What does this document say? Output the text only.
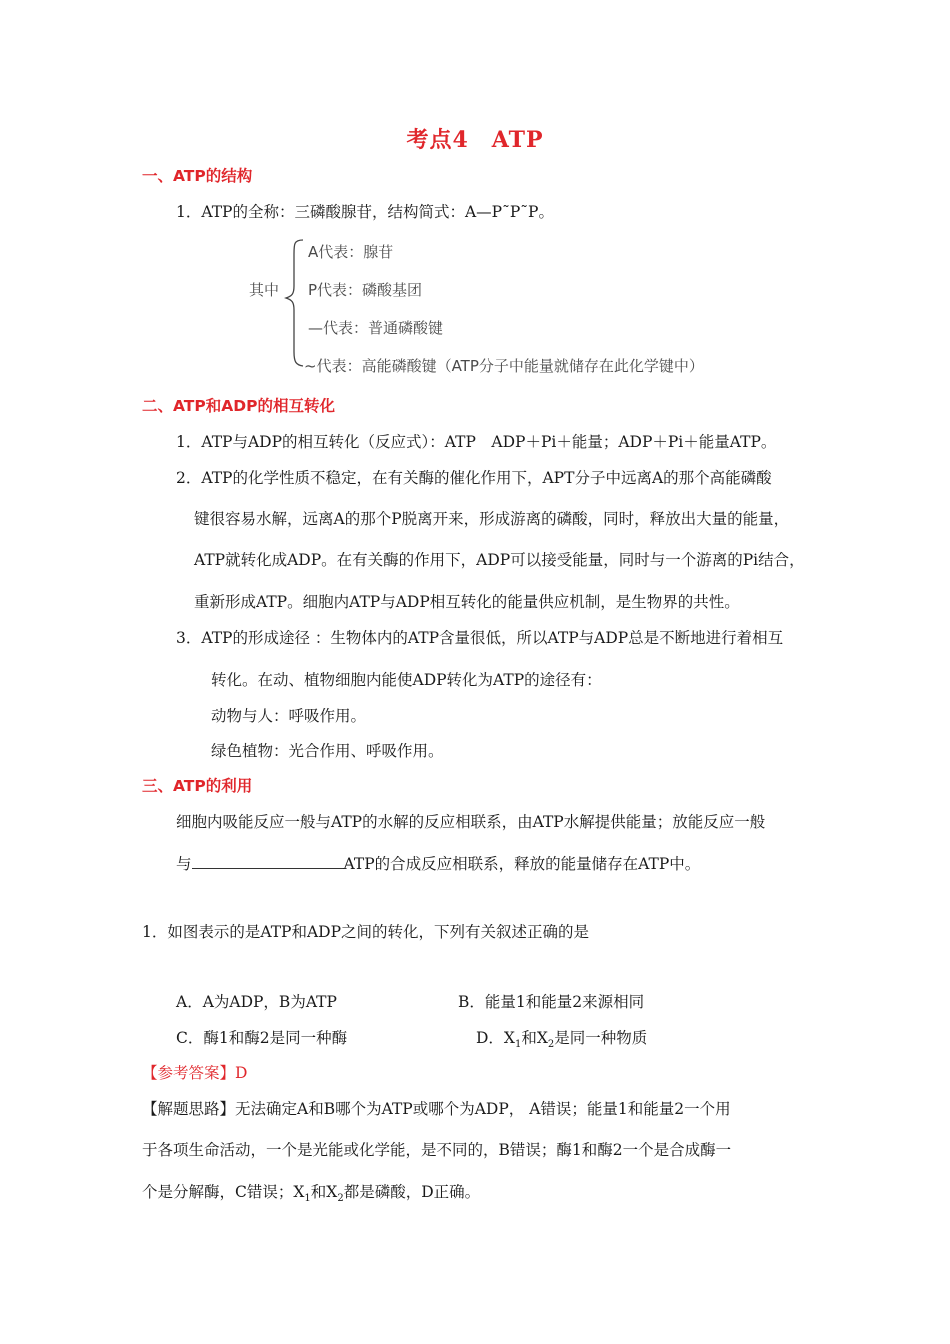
考点4　ATP
一、ATP的结构
1．ATP的全称：三磷酸腺苷，结构简式：A—P˜P˜P。
其中
A代表：腺苷
P代表：磷酸基团
—代表：普通磷酸键
~代表：高能磷酸键（ATP分子中能量就储存在此化学键中）
二、ATP和ADP的相互转化
1．ATP与ADP的相互转化（反应式）：ATP　ADP＋Pi＋能量；ADP＋Pi＋能量ATP。
2．ATP的化学性质不稳定，在有关酶的催化作用下，APT分子中远离A的那个高能磷酸
键很容易水解，远离A的那个P脱离开来，形成游离的磷酸，同时，释放出大量的能量，
ATP就转化成ADP。在有关酶的作用下，ADP可以接受能量，同时与一个游离的Pi结合，
重新形成ATP。细胞内ATP与ADP相互转化的能量供应机制，是生物界的共性。
3．ATP的形成途径 ：生物体内的ATP含量很低，所以ATP与ADP总是不断地进行着相互
转化。在动、植物细胞内能使ADP转化为ATP的途径有：
动物与人：呼吸作用。
绿色植物：光合作用、呼吸作用。
三、ATP的利用
细胞内吸能反应一般与ATP的水解的反应相联系，由ATP水解提供能量；放能反应一般
与	ATP的合成反应相联系，释放的能量储存在ATP中。
1．如图表示的是ATP和ADP之间的转化，下列有关叙述正确的是
A．A为ADP，B为ATP	B．能量1和能量2来源相同
C．酶1和酶2是同一种酶	D．$X_1$和$X_2$是同一种物质
【参考答案】D
【解题思路】无法确定A和B哪个为ATP或哪个为ADP， A错误；能量1和能量2一个用
于各项生命活动，一个是光能或化学能，是不同的，B错误；酶1和酶2一个是合成酶一
个是分解酶，C错误；$X_1$和$X_2$都是磷酸，D正确。
